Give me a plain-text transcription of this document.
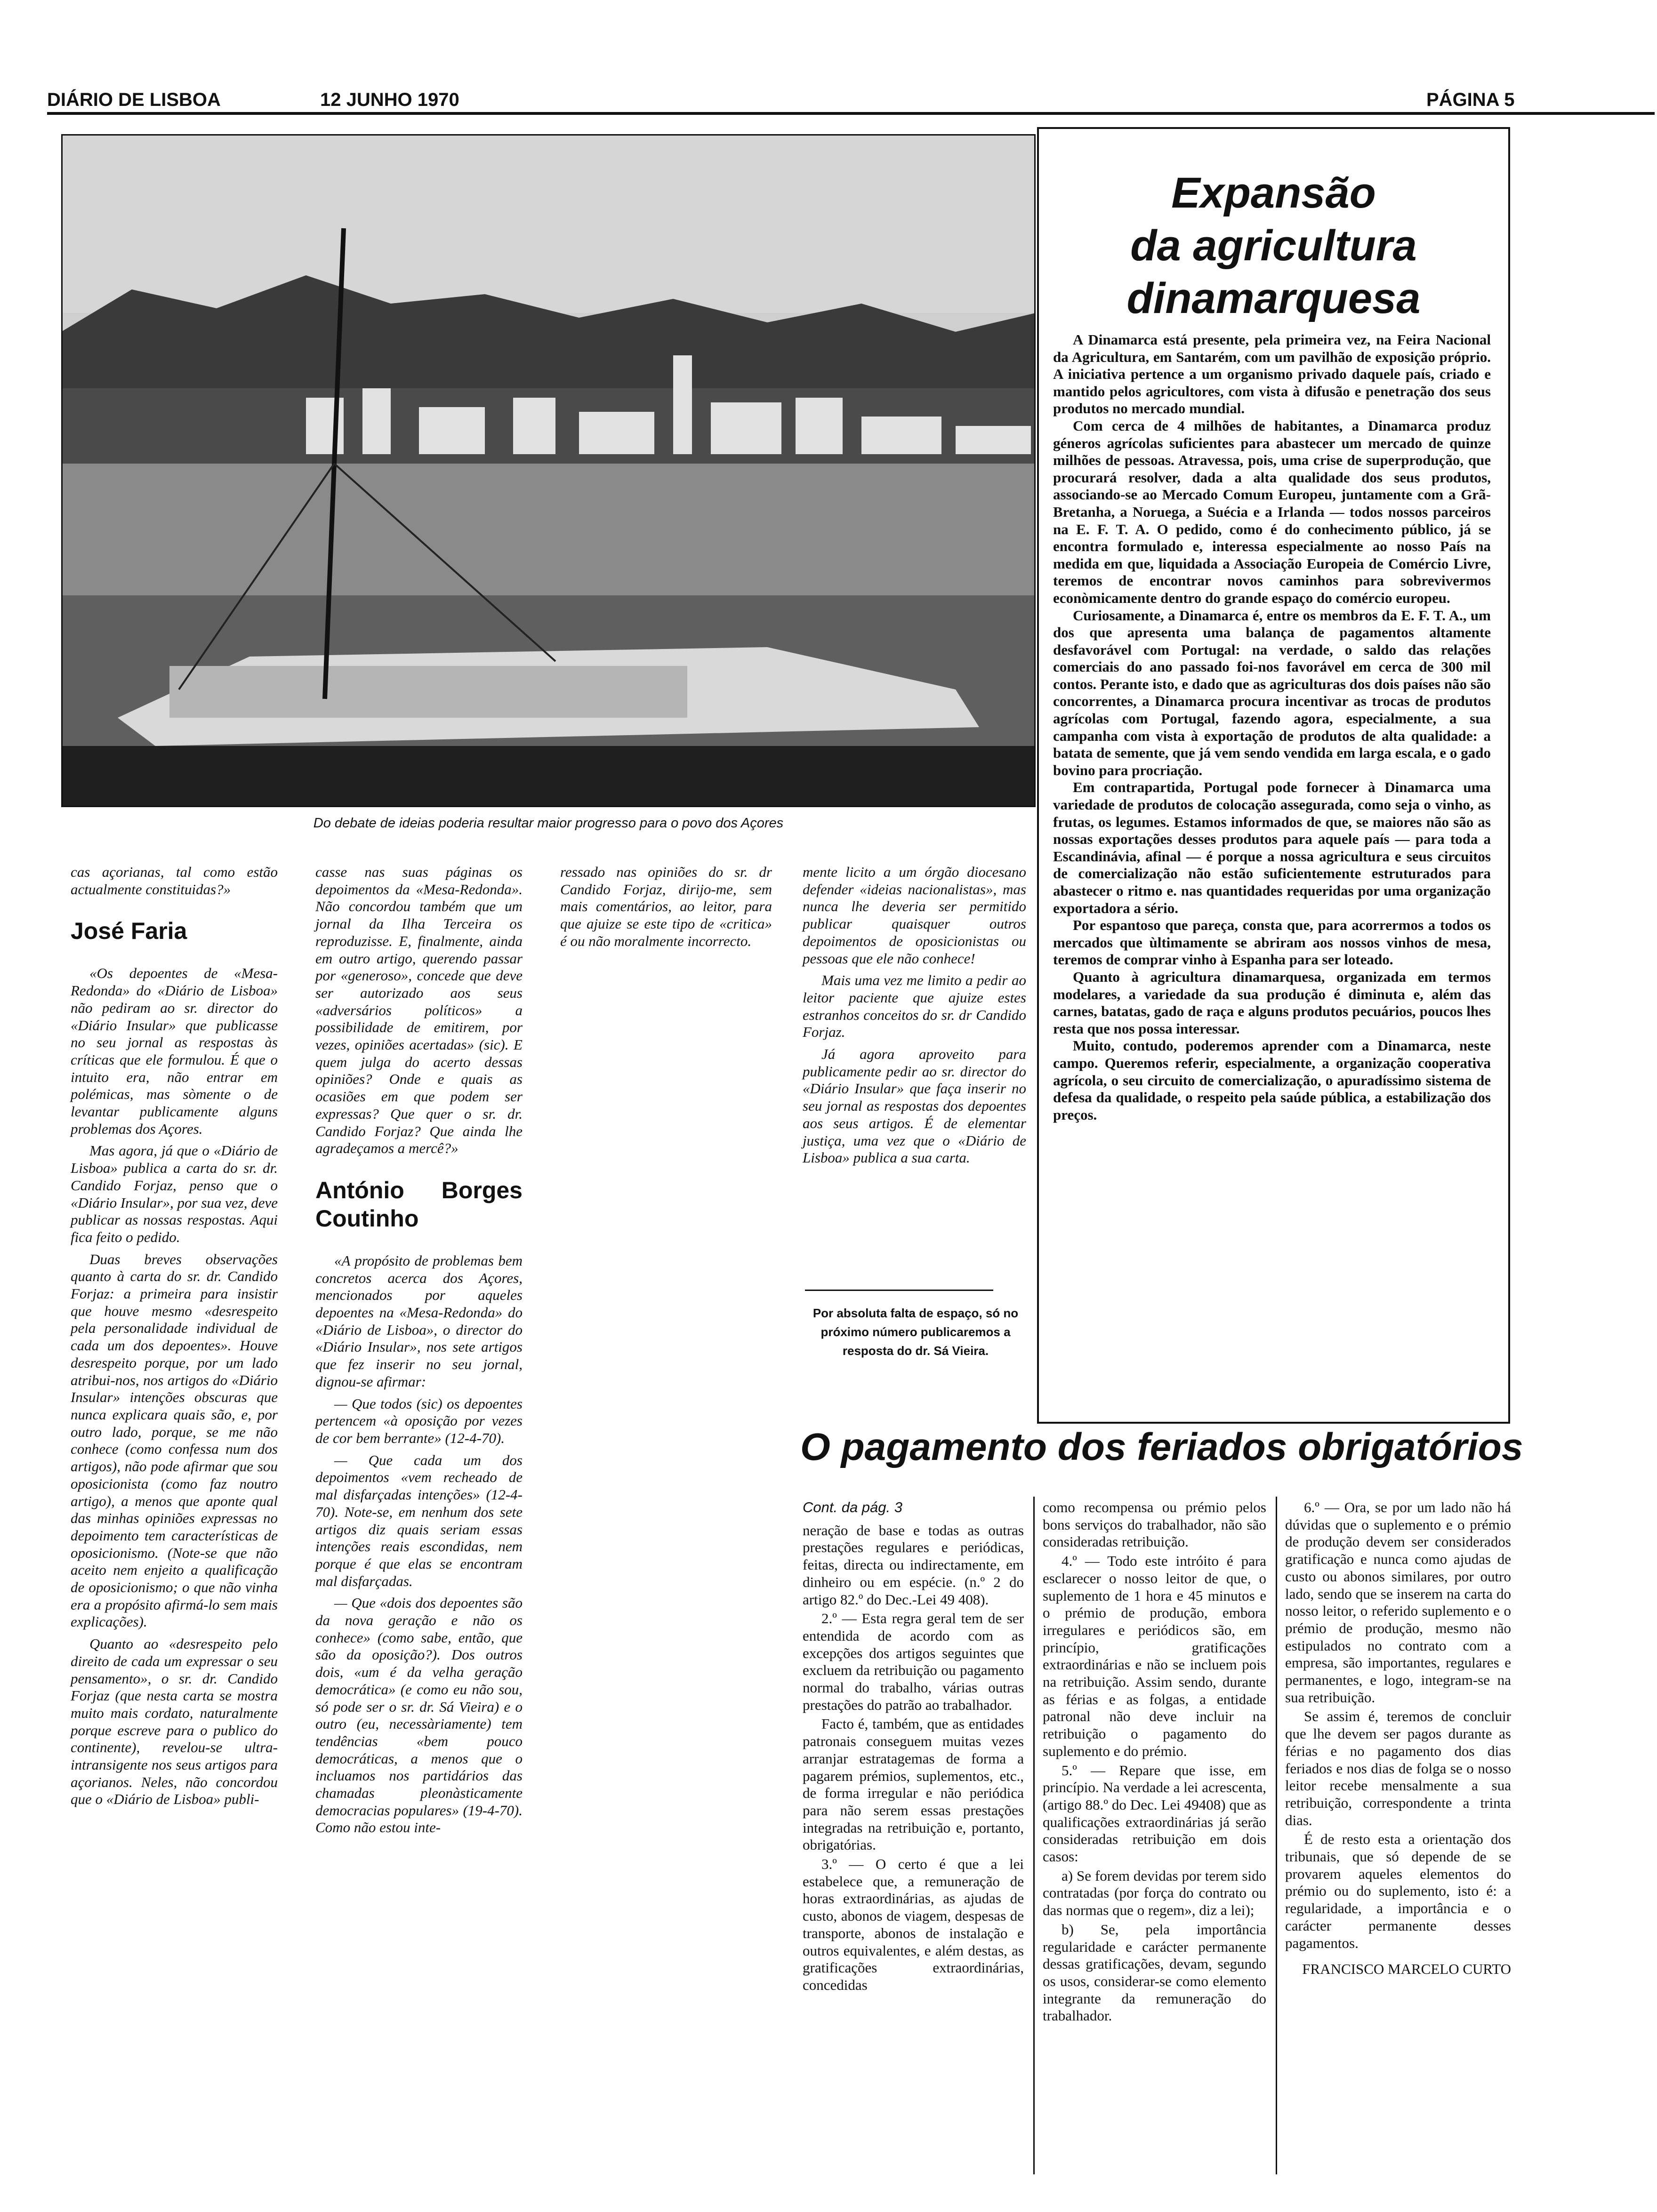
DIÁRIO DE LISBOA	12 JUNHO 1970	PÁGINA 5
Do debate de ideias poderia resultar maior progresso para o povo dos Açores

cas açorianas, tal como estão actualmente constituidas?»

José Faria

«Os depoentes de «Mesa-Redonda» do «Diário de Lisboa» não pediram ao sr. director do «Diário Insular» que publicasse no seu jornal as respostas às críticas que ele formulou. É que o intuito era, não entrar em polémicas, mas sòmente o de levantar publicamente alguns problemas dos Açores.

Mas agora, já que o «Diário de Lisboa» publica a carta do sr. dr. Candido Forjaz, penso que o «Diário Insular», por sua vez, deve publicar as nossas respostas. Aqui fica feito o pedido.

Duas breves observações quanto à carta do sr. dr. Candido Forjaz: a primeira para insistir que houve mesmo «desrespeito pela personalidade individual de cada um dos depoentes». Houve desrespeito porque, por um lado atribui-nos, nos artigos do «Diário Insular» intenções obscuras que nunca explicara quais são, e, por outro lado, porque, se me não conhece (como confessa num dos artigos), não pode afirmar que sou oposicionista (como faz noutro artigo), a menos que aponte qual das minhas opiniões expressas no depoimento tem características de oposicionismo. (Note-se que não aceito nem enjeito a qualificação de oposicionismo; o que não vinha era a propósito afirmá-lo sem mais explicações).

Quanto ao «desrespeito pelo direito de cada um expressar o seu pensamento», o sr. dr. Candido Forjaz (que nesta carta se mostra muito mais cordato, naturalmente porque escreve para o publico do continente), revelou-se ultra-intransigente nos seus artigos para açorianos. Neles, não concordou que o «Diário de Lisboa» publi-

casse nas suas páginas os depoimentos da «Mesa-Redonda». Não concordou também que um jornal da Ilha Terceira os reproduzisse. E, finalmente, ainda em outro artigo, querendo passar por «generoso», concede que deve ser autorizado aos seus «adversários políticos» a possibilidade de emitirem, por vezes, opiniões acertadas» (sic). E quem julga do acerto dessas opiniões? Onde e quais as ocasiões em que podem ser expressas? Que quer o sr. dr. Candido Forjaz? Que ainda lhe agradeçamos a mercê?»

António Borges Coutinho

«A propósito de problemas bem concretos acerca dos Açores, mencionados por aqueles depoentes na «Mesa-Redonda» do «Diário de Lisboa», o director do «Diário Insular», nos sete artigos que fez inserir no seu jornal, dignou-se afirmar:

— Que todos (sic) os depoentes pertencem «à oposição por vezes de cor bem berrante» (12-4-70).

— Que cada um dos depoimentos «vem recheado de mal disfarçadas intenções» (12-4-70). Note-se, em nenhum dos sete artigos diz quais seriam essas intenções reais escondidas, nem porque é que elas se encontram mal disfarçadas.

— Que «dois dos depoentes são da nova geração e não os conhece» (como sabe, então, que são da oposição?). Dos outros dois, «um é da velha geração democrática» (e como eu não sou, só pode ser o sr. dr. Sá Vieira) e o outro (eu, necessàriamente) tem tendências «bem pouco democráticas, a menos que o incluamos nos partidários das chamadas pleonàsticamente democracias populares» (19-4-70). Como não estou inte-

ressado nas opiniões do sr. dr Candido Forjaz, dirijo-me, sem mais comentários, ao leitor, para que ajuize se este tipo de «critica» é ou não moralmente incorrecto.

mente licito a um órgão diocesano defender «ideias nacionalistas», mas nunca lhe deveria ser permitido publicar quaisquer outros depoimentos de oposicionistas ou pessoas que ele não conhece!

Mais uma vez me limito a pedir ao leitor paciente que ajuize estes estranhos conceitos do sr. dr Candido Forjaz.

Já agora aproveito para publicamente pedir ao sr. director do «Diário Insular» que faça inserir no seu jornal as respostas dos depoentes aos seus artigos. É de elementar justiça, uma vez que o «Diário de Lisboa» publica a sua carta.

Por absoluta falta de espaço, só no próximo número publicaremos a resposta do dr. Sá Vieira.
Expansão
da agricultura
dinamarquesa

A Dinamarca está presente, pela primeira vez, na Feira Nacional da Agricultura, em Santarém, com um pavilhão de exposição próprio. A iniciativa pertence a um organismo privado daquele país, criado e mantido pelos agricultores, com vista à difusão e penetração dos seus produtos no mercado mundial.

Com cerca de 4 milhões de habitantes, a Dinamarca produz géneros agrícolas suficientes para abastecer um mercado de quinze milhões de pessoas. Atravessa, pois, uma crise de superprodução, que procurará resolver, dada a alta qualidade dos seus produtos, associando-se ao Mercado Comum Europeu, juntamente com a Grã-Bretanha, a Noruega, a Suécia e a Irlanda — todos nossos parceiros na E. F. T. A. O pedido, como é do conhecimento público, já se encontra formulado e, interessa especialmente ao nosso País na medida em que, liquidada a Associação Europeia de Comércio Livre, teremos de encontrar novos caminhos para sobrevivermos econòmicamente dentro do grande espaço do comércio europeu.

Curiosamente, a Dinamarca é, entre os membros da E. F. T. A., um dos que apresenta uma balança de pagamentos altamente desfavorável com Portugal: na verdade, o saldo das relações comerciais do ano passado foi-nos favorável em cerca de 300 mil contos. Perante isto, e dado que as agriculturas dos dois países não são concorrentes, a Dinamarca procura incentivar as trocas de produtos agrícolas com Portugal, fazendo agora, especialmente, a sua campanha com vista à exportação de produtos de alta qualidade: a batata de semente, que já vem sendo vendida em larga escala, e o gado bovino para procriação.

Em contrapartida, Portugal pode fornecer à Dinamarca uma variedade de produtos de colocação assegurada, como seja o vinho, as frutas, os legumes. Estamos informados de que, se maiores não são as nossas exportações desses produtos para aquele país — para toda a Escandinávia, afinal — é porque a nossa agricultura e seus circuitos de comercialização não estão suficientemente estruturados para abastecer o ritmo e. nas quantidades requeridas por uma organização exportadora a sério.

Por espantoso que pareça, consta que, para acorrermos a todos os mercados que ùltimamente se abriram aos nossos vinhos de mesa, teremos de comprar vinho à Espanha para ser loteado.

Quanto à agricultura dinamarquesa, organizada em termos modelares, a variedade da sua produção é diminuta e, além das carnes, batatas, gado de raça e alguns produtos pecuários, poucos lhes resta que nos possa interessar.

Muito, contudo, poderemos aprender com a Dinamarca, neste campo. Queremos referir, especialmente, a organização cooperativa agrícola, o seu circuito de comercialização, o apuradíssimo sistema de defesa da qualidade, o respeito pela saúde pública, a estabilização dos preços.

O pagamento dos feriados obrigatórios

Cont. da pág. 3

neração de base e todas as outras prestações regulares e periódicas, feitas, directa ou indirectamente, em dinheiro ou em espécie. (n.º 2 do artigo 82.º do Dec.-Lei 49 408).

2.º — Esta regra geral tem de ser entendida de acordo com as excepções dos artigos seguintes que excluem da retribuição ou pagamento normal do trabalho, várias outras prestações do patrão ao trabalhador.

Facto é, também, que as entidades patronais conseguem muitas vezes arranjar estratagemas de forma a pagarem prémios, suplementos, etc., de forma irregular e não periódica para não serem essas prestações integradas na retribuição e, portanto, obrigatórias.

3.º — O certo é que a lei estabelece que, a remuneração de horas extraordinárias, as ajudas de custo, abonos de viagem, despesas de transporte, abonos de instalação e outros equivalentes, e além destas, as gratificações extraordinárias, concedidas

como recompensa ou prémio pelos bons serviços do trabalhador, não são consideradas retribuição.

4.º — Todo este intróito é para esclarecer o nosso leitor de que, o suplemento de 1 hora e 45 minutos e o prémio de produção, embora irregulares e periódicos são, em princípio, gratificações extraordinárias e não se incluem pois na retribuição. Assim sendo, durante as férias e as folgas, a entidade patronal não deve incluir na retribuição o pagamento do suplemento e do prémio.

5.º — Repare que isse, em princípio. Na verdade a lei acrescenta, (artigo 88.º do Dec. Lei 49408) que as qualificações extraordinárias já serão consideradas retribuição em dois casos:

a) Se forem devidas por terem sido contratadas (por força do contrato ou das normas que o regem», diz a lei);

b) Se, pela importância regularidade e carácter permanente dessas gratificações, devam, segundo os usos, considerar-se como elemento integrante da remuneração do trabalhador.

6.º — Ora, se por um lado não há dúvidas que o suplemento e o prémio de produção devem ser considerados gratificação e nunca como ajudas de custo ou abonos similares, por outro lado, sendo que se inserem na carta do nosso leitor, o referido suplemento e o prémio de produção, mesmo não estipulados no contrato com a empresa, são importantes, regulares e permanentes, e logo, integram-se na sua retribuição.

Se assim é, teremos de concluir que lhe devem ser pagos durante as férias e no pagamento dos dias feriados e nos dias de folga se o nosso leitor recebe mensalmente a sua retribuição, correspondente a trinta dias.

É de resto esta a orientação dos tribunais, que só depende de se provarem aqueles elementos do prémio ou do suplemento, isto é: a regularidade, a importância e o carácter permanente desses pagamentos.

FRANCISCO MARCELO CURTO
